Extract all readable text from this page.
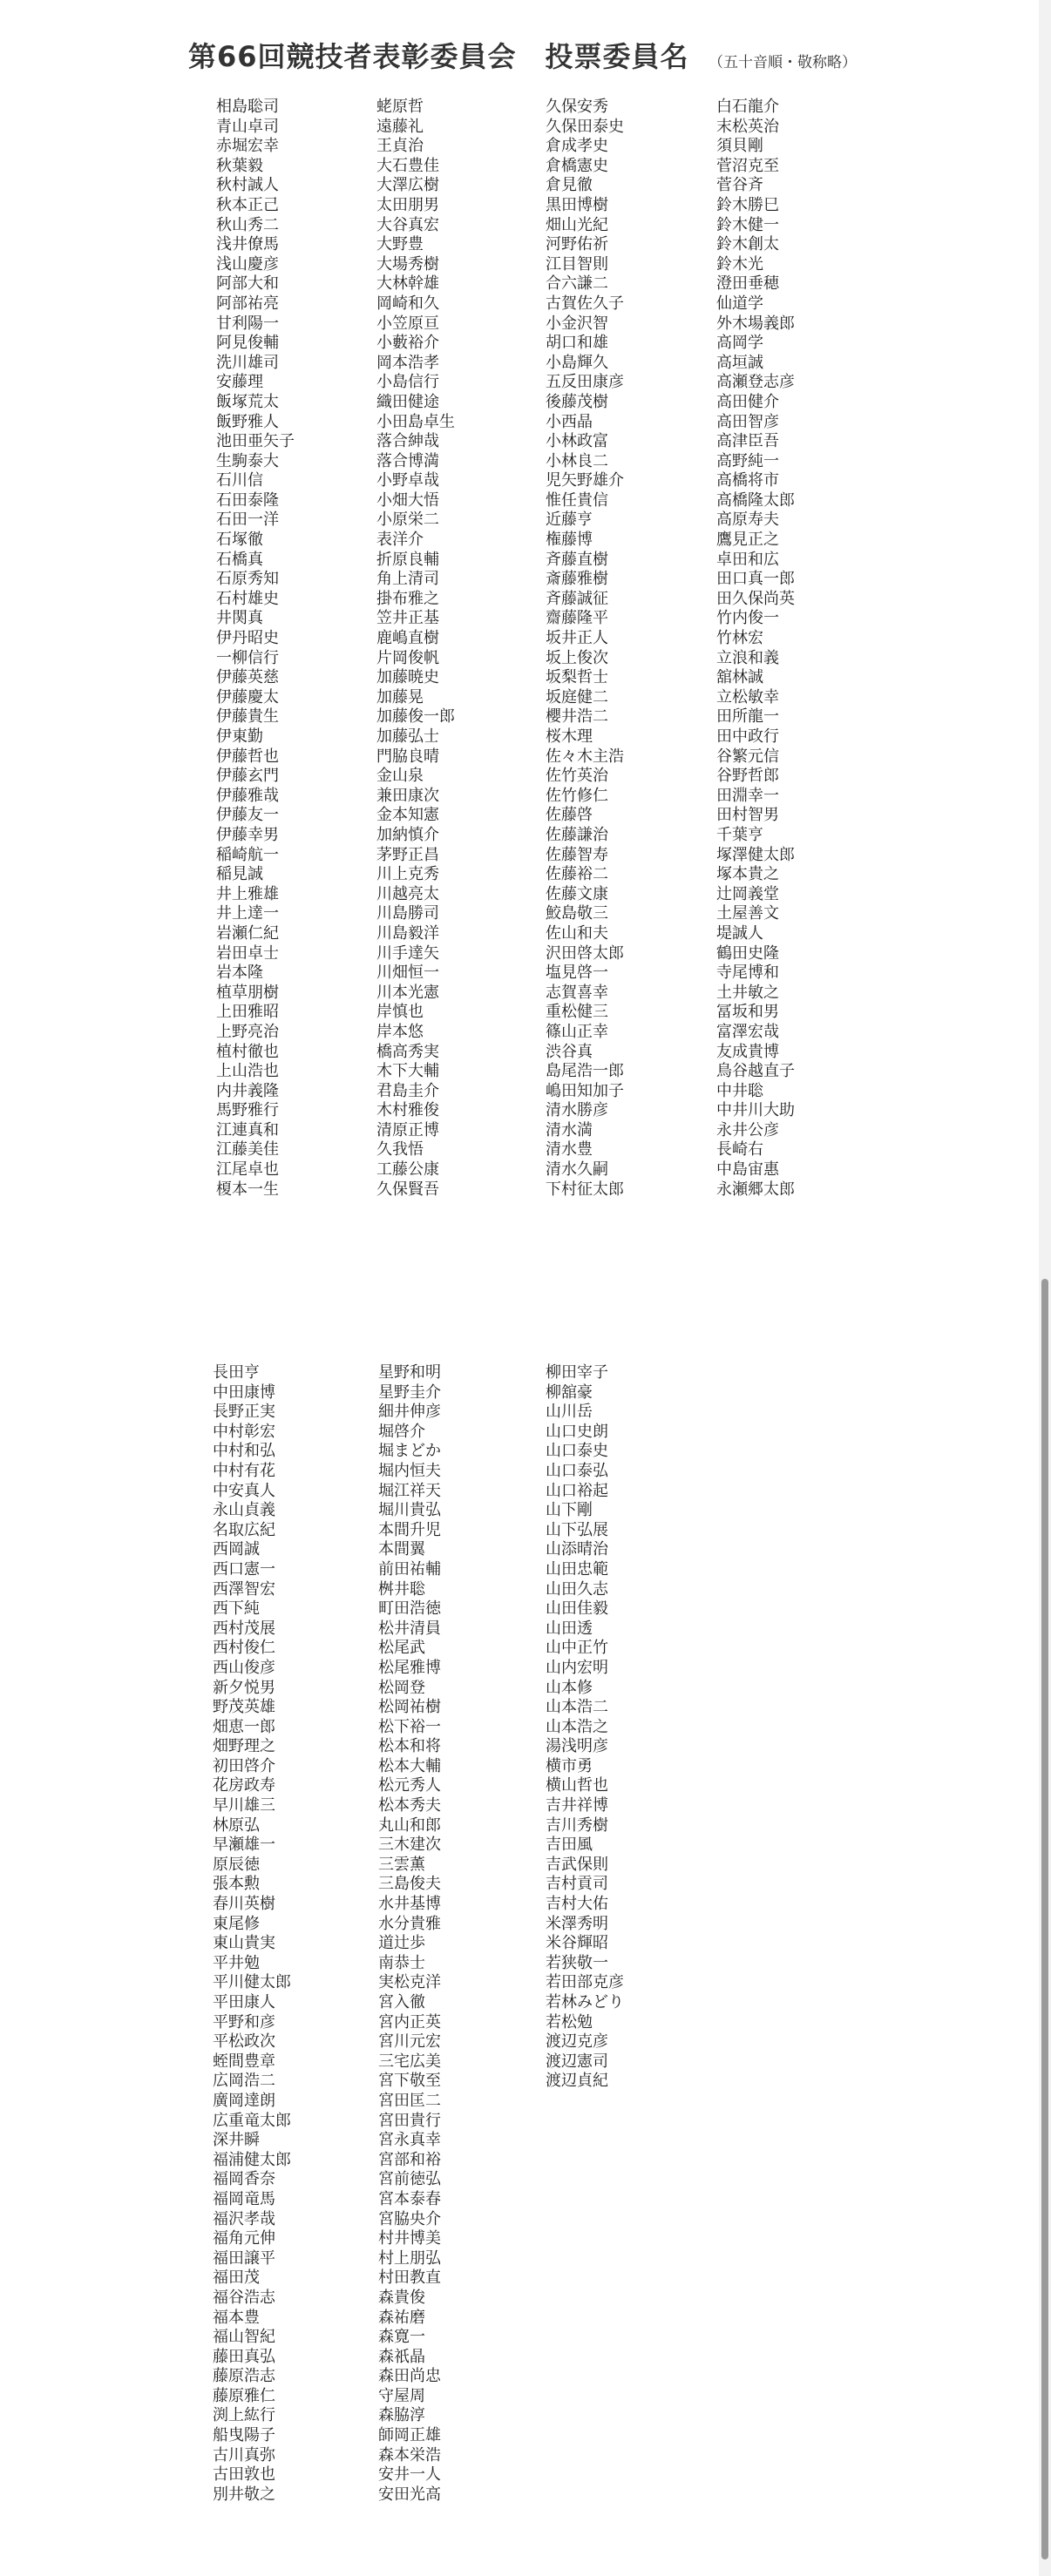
第66回競技者表彰委員会　投票委員名 （五十音順・敬称略）
相島聡司
青山卓司
赤堀宏幸
秋葉毅
秋村誠人
秋本正己
秋山秀二
浅井僚馬
浅山慶彦
阿部大和
阿部祐亮
甘利陽一
阿見俊輔
洗川雄司
安藤理
飯塚荒太
飯野雅人
池田亜矢子
生駒泰大
石川信
石田泰隆
石田一洋
石塚徹
石橋真
石原秀知
石村雄史
井関真
伊丹昭史
一柳信行
伊藤英慈
伊藤慶太
伊藤貴生
伊東勤
伊藤哲也
伊藤玄門
伊藤雅哉
伊藤友一
伊藤幸男
稲崎航一
稲見誠
井上雅雄
井上達一
岩瀬仁紀
岩田卓士
岩本隆
植草朋樹
上田雅昭
上野亮治
植村徹也
上山浩也
内井義隆
馬野雅行
江連真和
江藤美佳
江尾卓也
榎本一生
蛯原哲
遠藤礼
王貞治
大石豊佳
大澤広樹
太田朋男
大谷真宏
大野豊
大場秀樹
大林幹雄
岡崎和久
小笠原亘
小藪裕介
岡本浩孝
小島信行
織田健途
小田島卓生
落合紳哉
落合博満
小野卓哉
小畑大悟
小原栄二
表洋介
折原良輔
角上清司
掛布雅之
笠井正基
鹿嶋直樹
片岡俊帆
加藤暁史
加藤晃
加藤俊一郎
加藤弘士
門脇良晴
金山泉
兼田康次
金本知憲
加納慎介
茅野正昌
川上克秀
川越亮太
川島勝司
川島毅洋
川手達矢
川畑恒一
川本光憲
岸慎也
岸本悠
橋高秀実
木下大輔
君島圭介
木村雅俊
清原正博
久我悟
工藤公康
久保賢吾
久保安秀
久保田泰史
倉成孝史
倉橋憲史
倉見徹
黒田博樹
畑山光紀
河野佑祈
江目智則
合六謙二
古賀佐久子
小金沢智
胡口和雄
小島輝久
五反田康彦
後藤茂樹
小西晶
小林政富
小林良二
児矢野雄介
惟任貴信
近藤亨
権藤博
斉藤直樹
斎藤雅樹
斉藤誠征
齋藤隆平
坂井正人
坂上俊次
坂梨哲士
坂庭健二
櫻井浩二
桜木理
佐々木主浩
佐竹英治
佐竹修仁
佐藤啓
佐藤謙治
佐藤智寿
佐藤裕二
佐藤文康
鮫島敬三
佐山和夫
沢田啓太郎
塩見啓一
志賀喜幸
重松健三
篠山正幸
渋谷真
島尾浩一郎
嶋田知加子
清水勝彦
清水満
清水豊
清水久嗣
下村征太郎
白石龍介
末松英治
須貝剛
菅沼克至
菅谷斉
鈴木勝巳
鈴木健一
鈴木創太
鈴木光
澄田垂穂
仙道学
外木場義郎
高岡学
高垣誠
高瀬登志彦
高田健介
高田智彦
高津臣吾
高野純一
高橋将市
高橋隆太郎
高原寿夫
鷹見正之
卓田和広
田口真一郎
田久保尚英
竹内俊一
竹林宏
立浪和義
舘林誠
立松敏幸
田所龍一
田中政行
谷繁元信
谷野哲郎
田淵幸一
田村智男
千葉亨
塚澤健太郎
塚本貴之
辻岡義堂
土屋善文
堤誠人
鶴田史隆
寺尾博和
土井敏之
冨坂和男
富澤宏哉
友成貴博
鳥谷越直子
中井聡
中井川大助
永井公彦
長崎右
中島宙惠
永瀬郷太郎
長田亨
中田康博
長野正実
中村彰宏
中村和弘
中村有花
中安真人
永山貞義
名取広紀
西岡誠
西口憲一
西澤智宏
西下純
西村茂展
西村俊仁
西山俊彦
新夕悦男
野茂英雄
畑恵一郎
畑野理之
初田啓介
花房政寿
早川雄三
林原弘
早瀬雄一
原辰徳
張本勲
春川英樹
東尾修
東山貴実
平井勉
平川健太郎
平田康人
平野和彦
平松政次
蛭間豊章
広岡浩二
廣岡達朗
広重竜太郎
深井瞬
福浦健太郎
福岡香奈
福岡竜馬
福沢孝哉
福角元伸
福田譲平
福田茂
福谷浩志
福本豊
福山智紀
藤田真弘
藤原浩志
藤原雅仁
渕上紘行
船曳陽子
古川真弥
古田敦也
別井敬之
星野和明
星野圭介
細井伸彦
堀啓介
堀まどか
堀内恒夫
堀江祥天
堀川貴弘
本間升児
本間翼
前田祐輔
桝井聡
町田浩徳
松井清員
松尾武
松尾雅博
松岡登
松岡祐樹
松下裕一
松本和将
松本大輔
松元秀人
松本秀夫
丸山和郎
三木建次
三雲薫
三島俊夫
水井基博
水分貴雅
道辻歩
南恭士
実松克洋
宮入徹
宮内正英
宮川元宏
三宅広美
宮下敬至
宮田匡二
宮田貴行
宮永真幸
宮部和裕
宮前徳弘
宮本泰春
宮脇央介
村井博美
村上朋弘
村田教直
森貴俊
森祐磨
森寛一
森祇晶
森田尚忠
守屋周
森脇淳
師岡正雄
森本栄浩
安井一人
安田光高
柳田宰子
柳舘豪
山川岳
山口史朗
山口泰史
山口泰弘
山口裕起
山下剛
山下弘展
山添晴治
山田忠範
山田久志
山田佳毅
山田透
山中正竹
山内宏明
山本修
山本浩二
山本浩之
湯浅明彦
横市勇
横山哲也
吉井祥博
吉川秀樹
吉田風
吉武保則
吉村貢司
吉村大佑
米澤秀明
米谷輝昭
若狭敬一
若田部克彦
若林みどり
若松勉
渡辺克彦
渡辺憲司
渡辺貞紀
